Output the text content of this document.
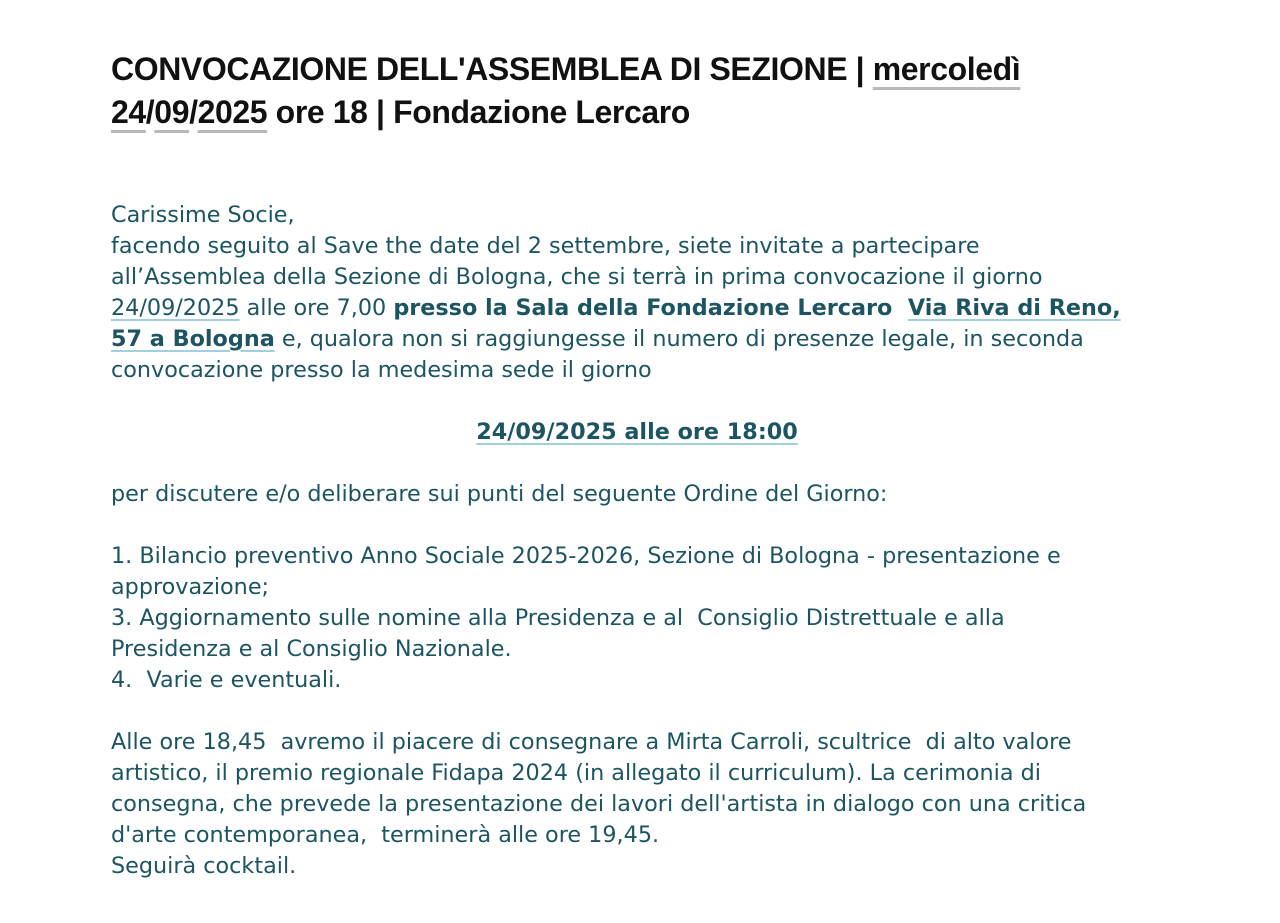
CONVOCAZIONE DELL'ASSEMBLEA DI SEZIONE | mercoledì
24/09/2025 ore 18 | Fondazione Lercaro
Carissime Socie,
facendo seguito al Save the date del 2 settembre, siete invitate a partecipare
all’Assemblea della Sezione di Bologna, che si terrà in prima convocazione il giorno
24/09/2025 alle ore 7,00 presso la Sala della Fondazione Lercaro  Via Riva di Reno,
57 a Bologna e, qualora non si raggiungesse il numero di presenze legale, in seconda
convocazione presso la medesima sede il giorno
24/09/2025 alle ore 18:00
per discutere e/o deliberare sui punti del seguente Ordine del Giorno:
1. Bilancio preventivo Anno Sociale 2025-2026, Sezione di Bologna - presentazione e
approvazione;
3. Aggiornamento sulle nomine alla Presidenza e al  Consiglio Distrettuale e alla
Presidenza e al Consiglio Nazionale.
4.  Varie e eventuali.
Alle ore 18,45  avremo il piacere di consegnare a Mirta Carroli, scultrice  di alto valore
artistico, il premio regionale Fidapa 2024 (in allegato il curriculum). La cerimonia di
consegna, che prevede la presentazione dei lavori dell'artista in dialogo con una critica
d'arte contemporanea,  terminerà alle ore 19,45.
Seguirà cocktail.
